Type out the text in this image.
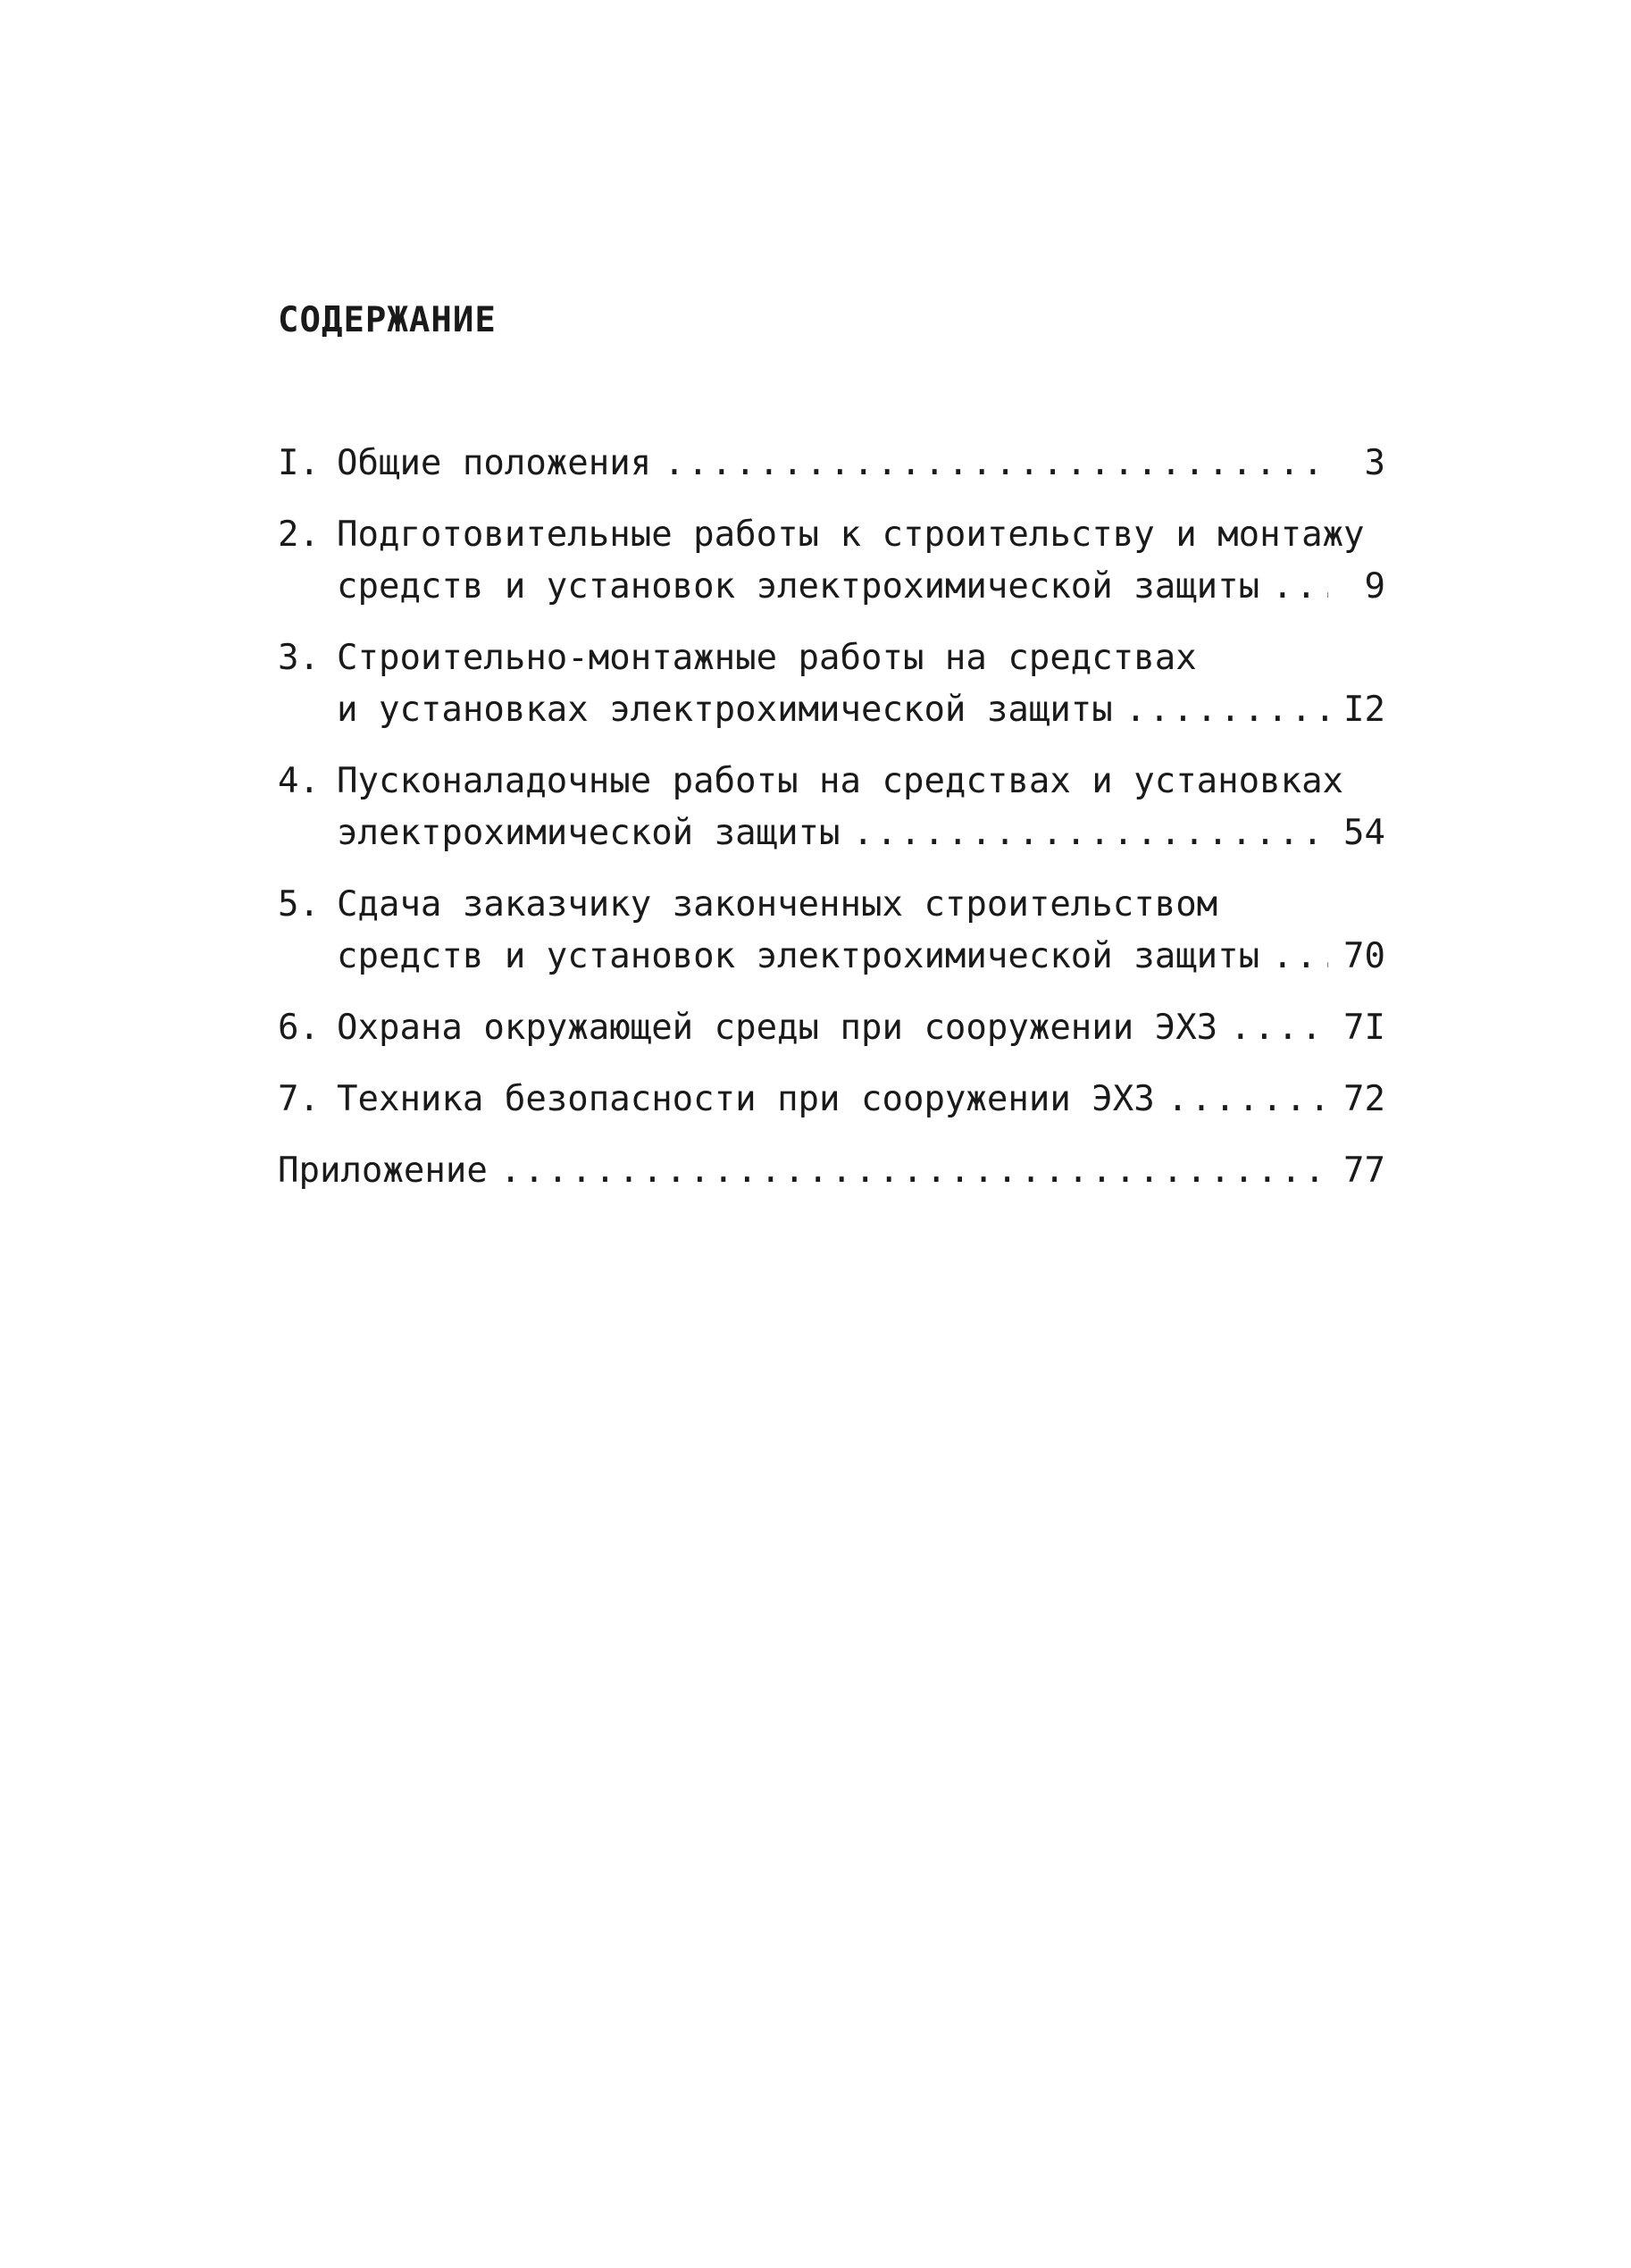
СОДЕРЖАНИЕ
I. Общие положения .....	3
2. Подготовительные работы к строительству и монтажу
средств и установок электрохимической защиты .....	9
3. Строительно-монтажные работы на средствах
и установках электрохимической защиты .....	I2
4. Пусконаладочные работы на средствах и установках
электрохимической защиты .....	54
5. Сдача заказчику законченных строительством
средств и установок электрохимической защиты ..... 70
6. Охрана окружающей среды при сооружении ЭХЗ .....	7I
7. Техника безопасности при сооружении ЭХЗ .....	72
Приложение .....	77
